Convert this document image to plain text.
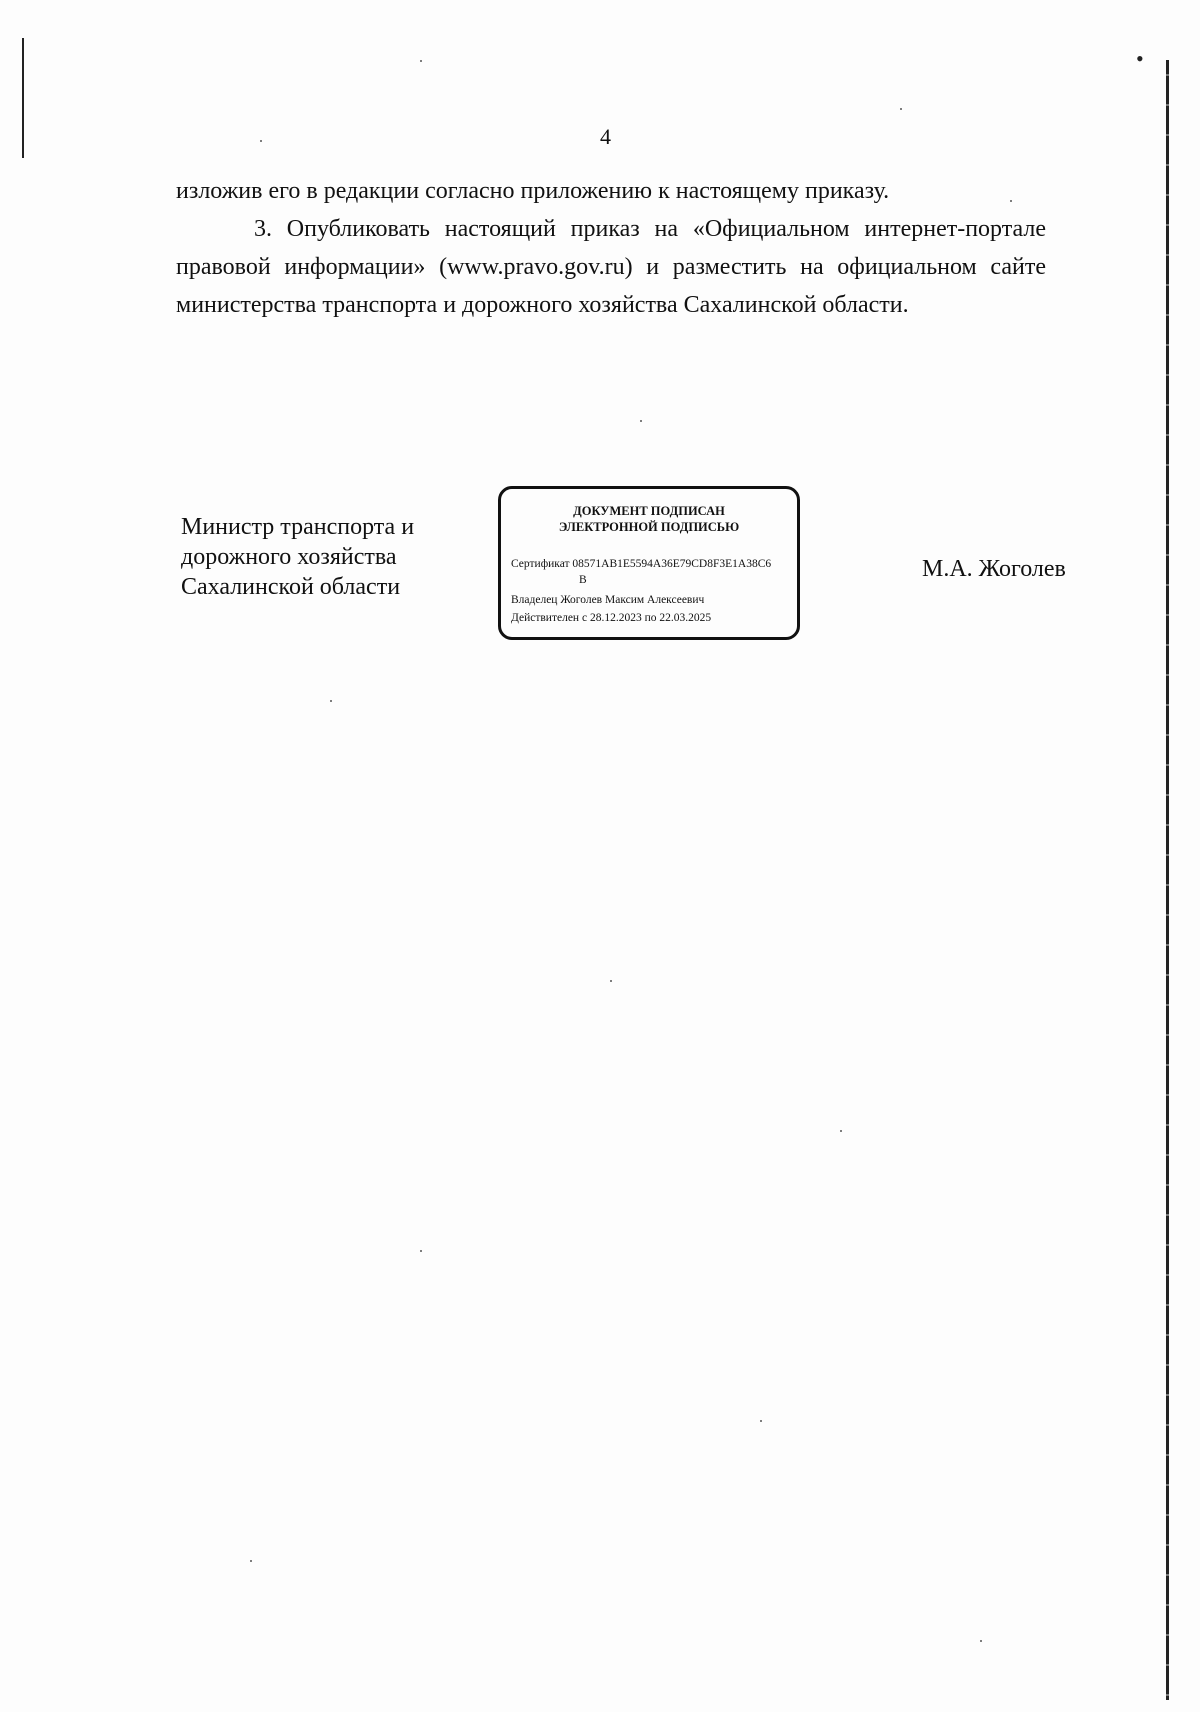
•
4

изложив его в редакции согласно приложению к настоящему приказу.

3. Опубликовать настоящий приказ на «Официальном интернет-портале правовой информации» (www.pravo.gov.ru) и разместить на официальном сайте министерства транспорта и дорожного хозяйства Сахалинской области.

Министр транспорта и
дорожного хозяйства
Сахалинской области
ДОКУМЕНТ ПОДПИСАН
ЭЛЕКТРОННОЙ ПОДПИСЬЮ
Сертификат 08571AB1E5594A36E79CD8F3E1A38C6
B
Владелец Жоголев Максим Алексеевич
Действителен с 28.12.2023 по 22.03.2025
М.А. Жоголев
